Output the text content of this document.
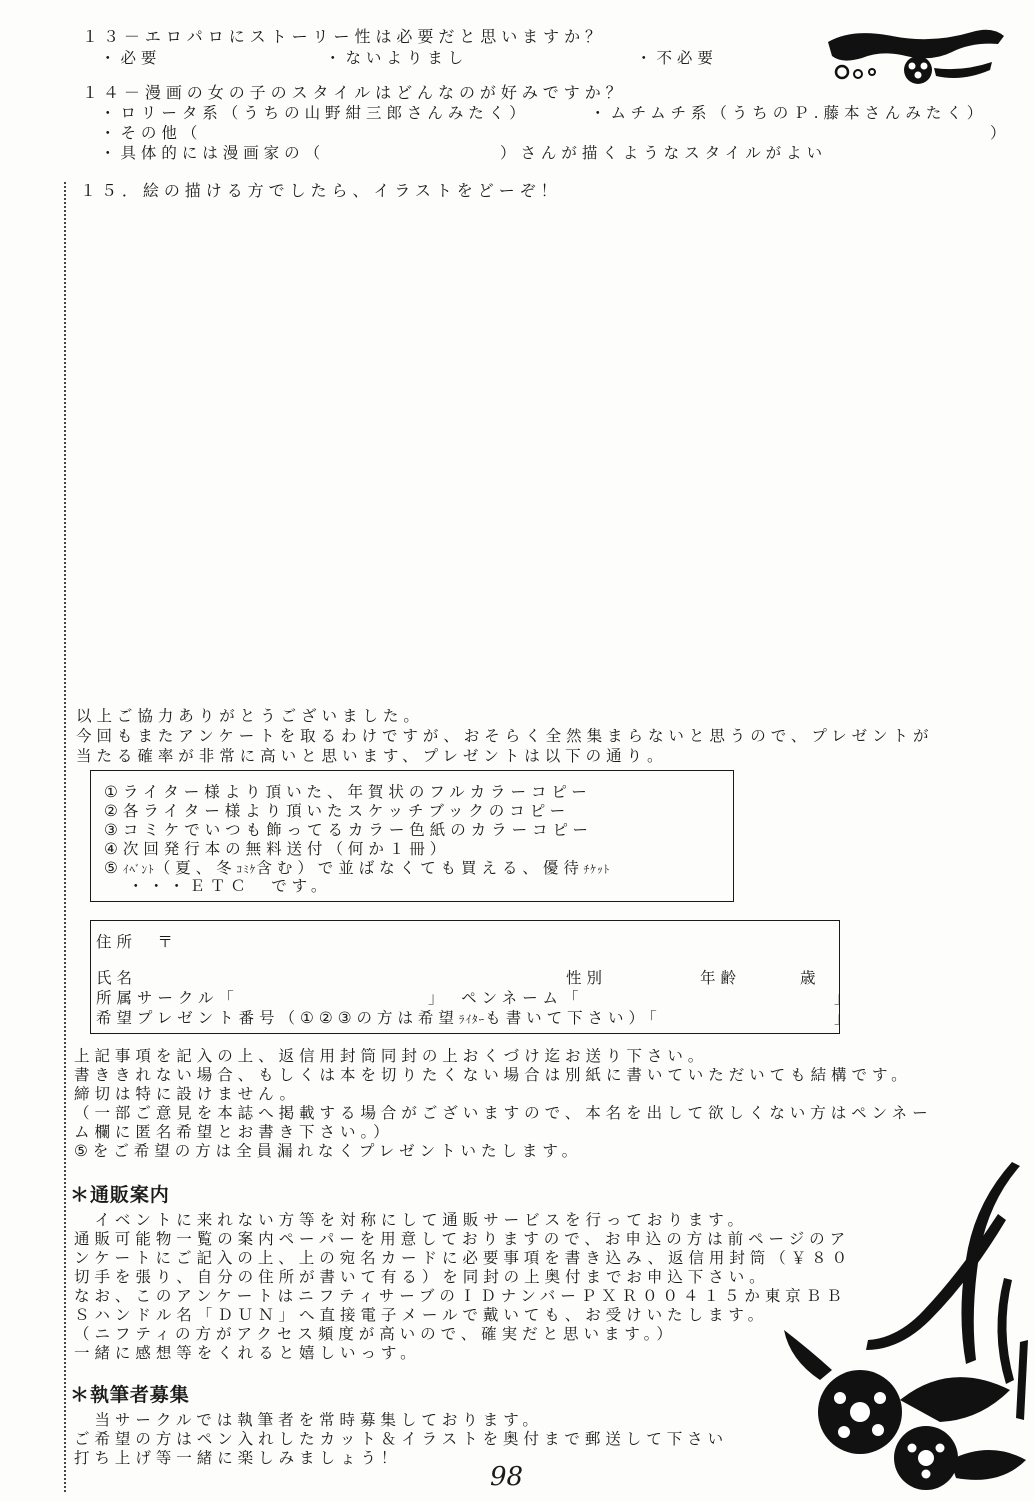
１３－エロパロにストーリー性は必要だと思いますか？
・必要	・ないよりまし	・不必要
１４－漫画の女の子のスタイルはどんなのが好みですか？
・ロリータ系（うちの山野紺三郎さんみたく）	・ムチムチ系（うちのＰ.藤本さんみたく）
・その他（	）
・具体的には漫画家の（	）さんが描くようなスタイルがよい
１５．絵の描ける方でしたら、イラストをどーぞ！
以上ご協力ありがとうございました。
今回もまたアンケートを取るわけですが、おそらく全然集まらないと思うので、プレゼントが
当たる確率が非常に高いと思います、プレゼントは以下の通り。
①ライター様より頂いた、年賀状のフルカラーコピー
②各ライター様より頂いたスケッチブックのコピー
③コミケでいつも飾ってるカラー色紙のカラーコピー
④次回発行本の無料送付（何か１冊）
⑤ｲﾍﾞﾝﾄ（夏、冬ｺﾐｹ含む）で並ばなくても買える、優待ﾁｹｯﾄ
・・・ＥＴＣ　です。
住所　〒
氏名	性別	年齢	歳
所属サークル「	」　ペンネーム「	」
希望プレゼント番号（①②③の方は希望ﾗｲﾀｰも書いて下さい）「	」
上記事項を記入の上、返信用封筒同封の上おくづけ迄お送り下さい。
書ききれない場合、もしくは本を切りたくない場合は別紙に書いていただいても結構です。
締切は特に設けません。
（一部ご意見を本誌へ掲載する場合がございますので、本名を出して欲しくない方はペンネー
ム欄に匿名希望とお書き下さい。）
⑤をご希望の方は全員漏れなくプレゼントいたします。
＊通販案内
　イベントに来れない方等を対称にして通販サービスを行っております。
通販可能物一覧の案内ペーパーを用意しておりますので、お申込の方は前ページのア
ンケートにご記入の上、上の宛名カードに必要事項を書き込み、返信用封筒（￥８０
切手を張り、自分の住所が書いて有る）を同封の上奥付までお申込下さい。
なお、このアンケートはニフティサーブのＩＤナンバーＰＸＲ００４１５か東京ＢＢ
Ｓハンドル名「ＤＵＮ」へ直接電子メールで戴いても、お受けいたします。
（ニフティの方がアクセス頻度が高いので、確実だと思います。）
一緒に感想等をくれると嬉しいっす。
＊執筆者募集
　当サークルでは執筆者を常時募集しております。
ご希望の方はペン入れしたカット＆イラストを奥付まで郵送して下さい
打ち上げ等一緒に楽しみましょう！
98
